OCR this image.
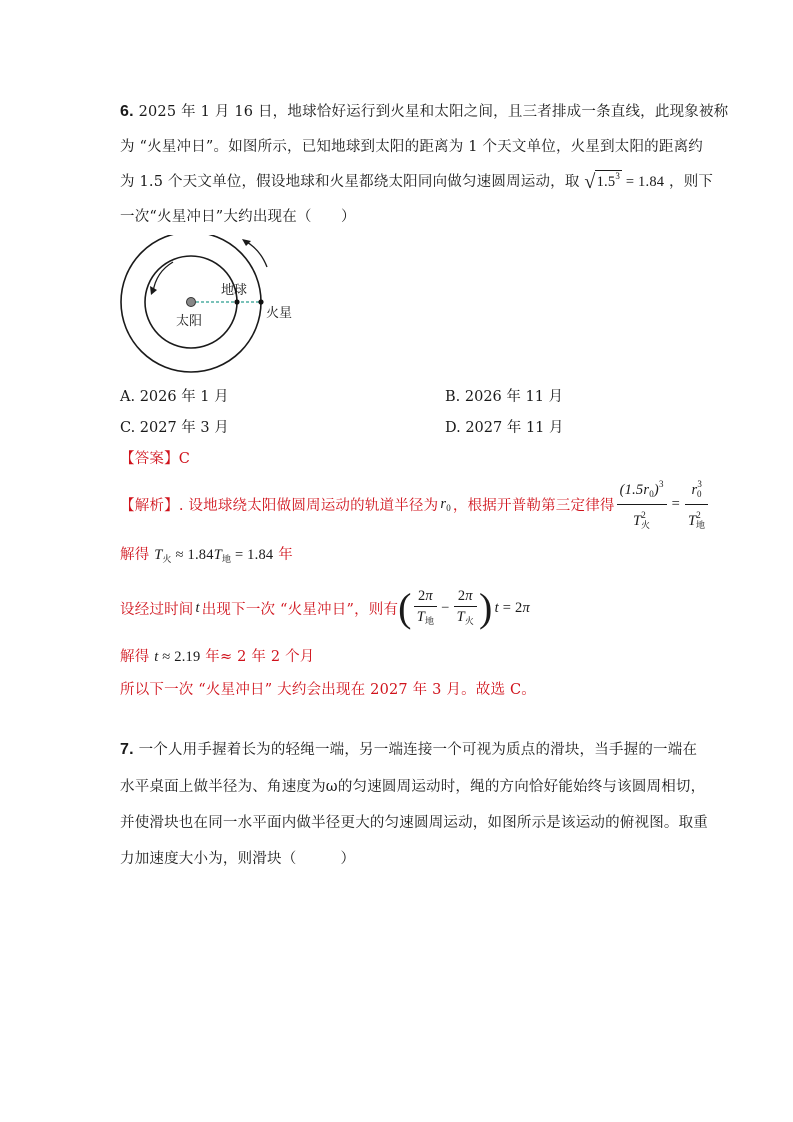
6. 2025 年 1 月 16 日，地球恰好运行到火星和太阳之间，且三者排成一条直线，此现象被称
为 “火星冲日”。如图所示，已知地球到太阳的距离为 1 个天文单位，火星到太阳的距离约
为 1.5 个天文单位，假设地球和火星都绕太阳同向做匀速圆周运动，取 $√1.5^3 = 1.84$ ，则下
一次“火星冲日”大约出现在（　　）
地球
太阳
火星
A. 2026 年 1 月	B. 2026 年 11 月
C. 2027 年 3 月	D. 2027 年 11 月
【答案】C
【解析】 . 设地球绕太阳做圆周运动的轨道半径为 $r_0$ ，根据开普勒第三定律得 $\frac{(1.5r_0)^3}{T^2_火} = \frac{r^3_0}{T^2_地}$
解得 $T_火 \approx 1.84T_地 = 1.84$ 年
设经过时间 t 出现下一次 “火星冲日”，则有 ( $\frac{2\pi}{T_地} - \frac{2\pi}{T_火}$ ) t = 2 π
解得 t ≈ 2.19 年≈ 2 年 2 个月
所以下一次 “火星冲日” 大约会出现在 2027 年 3 月。故选 C。
7. 一个人用手握着长为的轻绳一端，另一端连接一个可视为质点的滑块，当手握的一端在
水平桌面上做半径为、角速度为ω的匀速圆周运动时，绳的方向恰好能始终与该圆周相切，
并使滑块也在同一水平面内做半径更大的匀速圆周运动，如图所示是该运动的俯视图。取重
力加速度大小为，则滑块（　　　）
